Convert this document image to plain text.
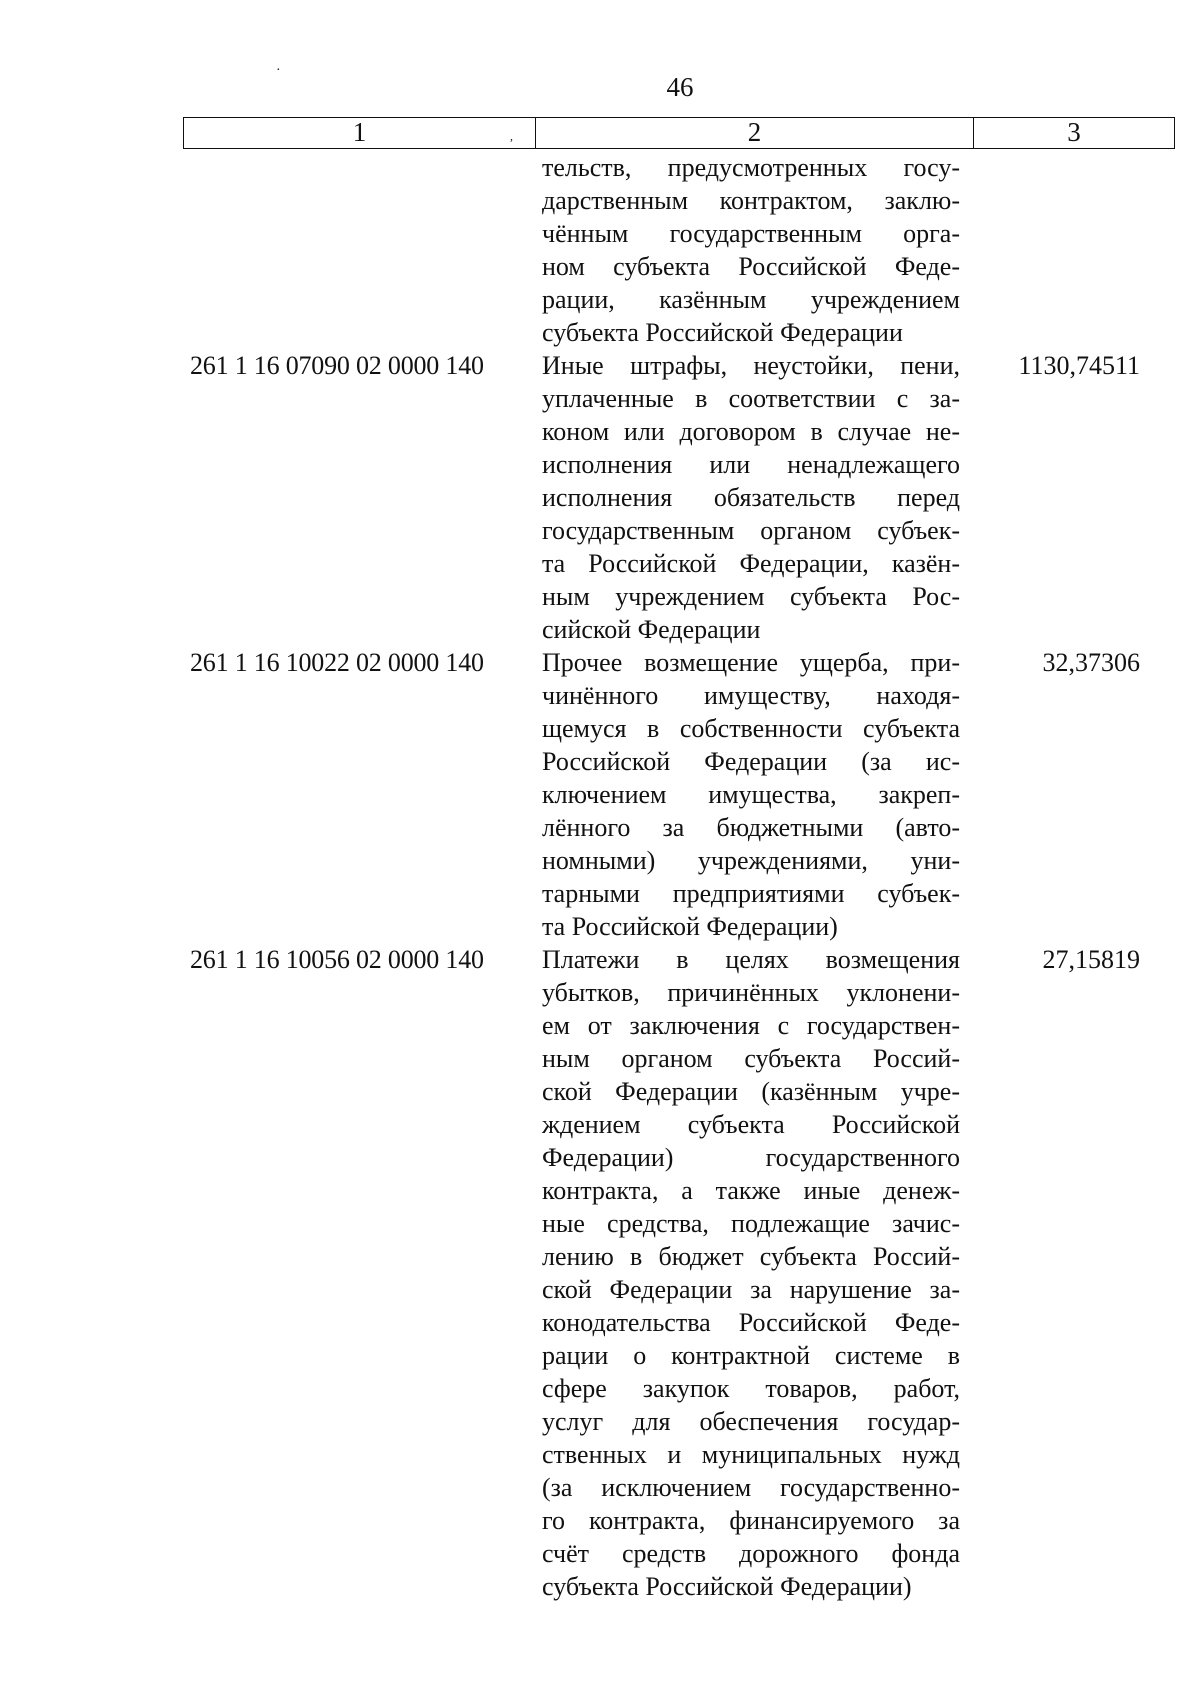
46
·
1	,	2	3
тельств, предусмотренных госу-
дарственным контрактом, заклю-
чённым государственным орга-
ном субъекта Российской Феде-
рации, казённым учреждением
субъекта Российской Федерации
261 1 16 07090 02 0000 140	Иные штрафы, неустойки, пени,
уплаченные в соответствии с за-
коном или договором в случае не-
исполнения или ненадлежащего
исполнения обязательств перед
государственным органом субъек-
та Российской Федерации, казён-
ным учреждением субъекта Рос-
сийской Федерации
1130,74511
261 1 16 10022 02 0000 140	Прочее возмещение ущерба, при-
чинённого имуществу, находя-
щемуся в собственности субъекта
Российской Федерации (за ис-
ключением имущества, закреп-
лённого за бюджетными (авто-
номными) учреждениями, уни-
тарными предприятиями субъек-
та Российской Федерации)
32,37306
261 1 16 10056 02 0000 140	Платежи в целях возмещения
убытков, причинённых уклонени-
ем от заключения с государствен-
ным органом субъекта Россий-
ской Федерации (казённым учре-
ждением субъекта Российской
Федерации) государственного
контракта, а также иные денеж-
ные средства, подлежащие зачис-
лению в бюджет субъекта Россий-
ской Федерации за нарушение за-
конодательства Российской Феде-
рации о контрактной системе в
сфере закупок товаров, работ,
услуг для обеспечения государ-
ственных и муниципальных нужд
(за исключением государственно-
го контракта, финансируемого за
счёт средств дорожного фонда
субъекта Российской Федерации)
27,15819
